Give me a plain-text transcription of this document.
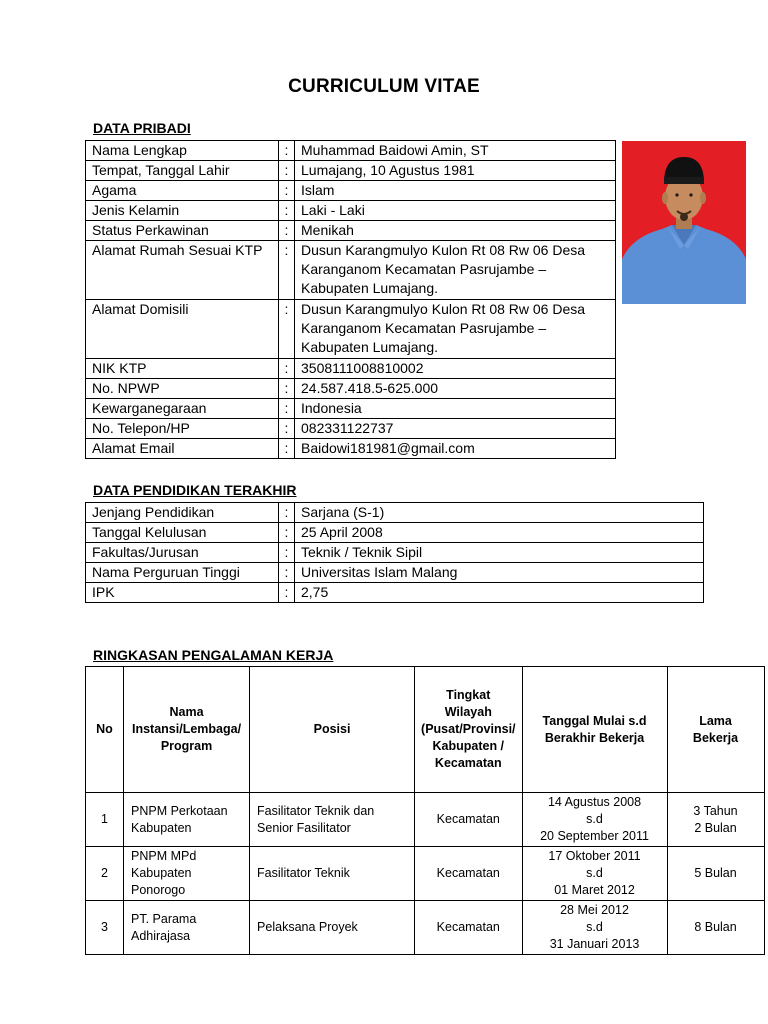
CURRICULUM VITAE
DATA PRIBADI
Nama Lengkap	:	Muhammad Baidowi Amin, ST
Tempat, Tanggal Lahir	:	Lumajang, 10 Agustus 1981
Agama	:	Islam
Jenis Kelamin	:	Laki - Laki
Status Perkawinan	:	Menikah
Alamat Rumah Sesuai KTP	:	Dusun Karangmulyo Kulon Rt 08 Rw 06 Desa Karanganom Kecamatan Pasrujambe – Kabupaten Lumajang.
Alamat Domisili	:	Dusun Karangmulyo Kulon Rt 08 Rw 06 Desa Karanganom Kecamatan Pasrujambe – Kabupaten Lumajang.
NIK KTP	:	3508111008810002
No. NPWP	:	24.587.418.5-625.000
Kewarganegaraan	:	Indonesia
No. Telepon/HP	:	082331122737
Alamat Email	:	Baidowi181981@gmail.com
DATA PENDIDIKAN TERAKHIR
Jenjang Pendidikan	:	Sarjana (S-1)
Tanggal Kelulusan	:	25 April 2008
Fakultas/Jurusan	:	Teknik / Teknik Sipil
Nama Perguruan Tinggi	:	Universitas Islam Malang
IPK	:	2,75
RINGKASAN PENGALAMAN KERJA
No	Nama Instansi/Lembaga/ Program	Posisi	Tingkat Wilayah (Pusat/Provinsi/ Kabupaten / Kecamatan	Tanggal Mulai s.d Berakhir Bekerja	Lama Bekerja
1	PNPM Perkotaan Kabupaten	Fasilitator Teknik dan Senior Fasilitator	Kecamatan	14 Agustus 2008
s.d
20 September 2011	3 Tahun 2 Bulan
2	PNPM MPd Kabupaten Ponorogo	Fasilitator Teknik	Kecamatan	17 Oktober 2011
s.d
01 Maret 2012	5 Bulan
3	PT. Parama Adhirajasa	Pelaksana Proyek	Kecamatan	28 Mei 2012
s.d
31 Januari 2013	8 Bulan
